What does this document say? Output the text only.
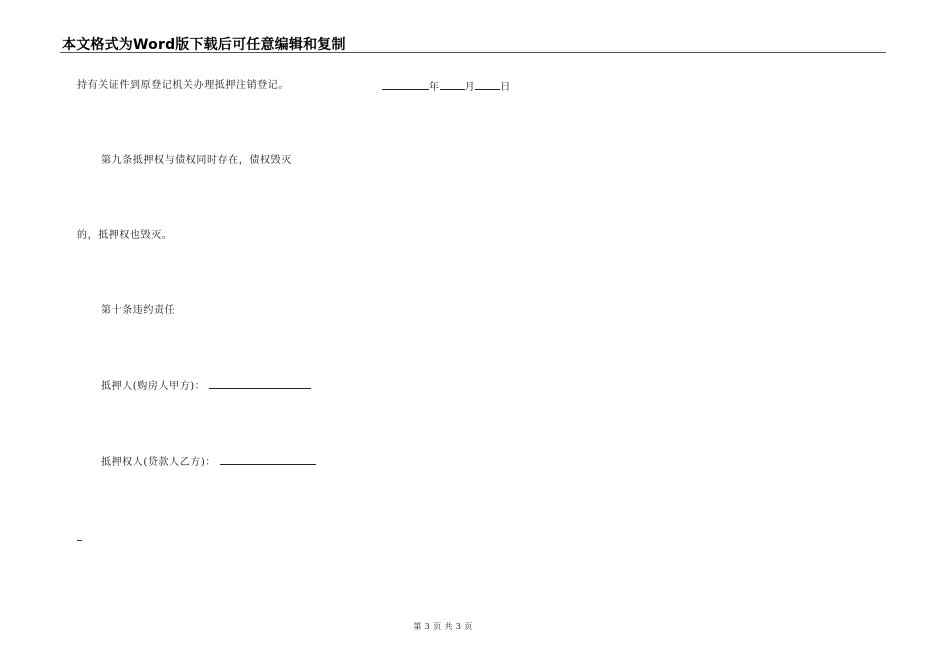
本文格式为Word版下载后可任意编辑和复制
持有关证件到原登记机关办理抵押注销登记。	年	月	日
第九条抵押权与债权同时存在，债权毁灭
的，抵押权也毁灭。
第十条违约责任
抵押人(购房人甲方)：
抵押权人(贷款人乙方)：
第 3 页 共 3 页
